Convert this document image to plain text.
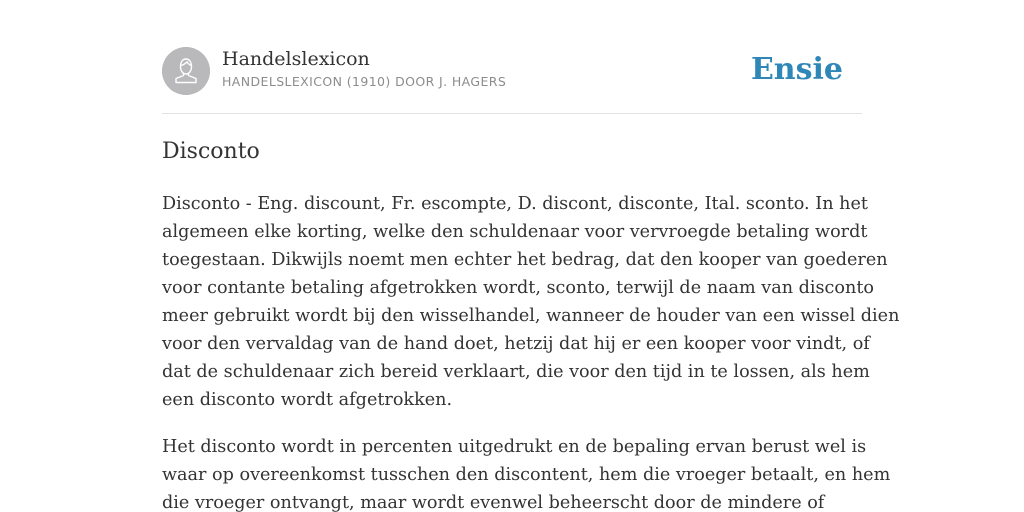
Handelslexicon
HANDELSLEXICON (1910) DOOR J. HAGERS	Ensie
Disconto

Disconto - Eng. discount, Fr. escompte, D. discont, disconte, Ital. sconto. In het
algemeen elke korting, welke den schuldenaar voor vervroegde betaling wordt
toegestaan. Dikwijls noemt men echter het bedrag, dat den kooper van goederen
voor contante betaling afgetrokken wordt, sconto, terwijl de naam van disconto
meer gebruikt wordt bij den wisselhandel, wanneer de houder van een wissel dien
voor den vervaldag van de hand doet, hetzij dat hij er een kooper voor vindt, of
dat de schuldenaar zich bereid verklaart, die voor den tijd in te lossen, als hem
een disconto wordt afgetrokken.

Het disconto wordt in percenten uitgedrukt en de bepaling ervan berust wel is
waar op overeenkomst tusschen den discontent, hem die vroeger betaalt, en hem
die vroeger ontvangt, maar wordt evenwel beheerscht door de mindere of
